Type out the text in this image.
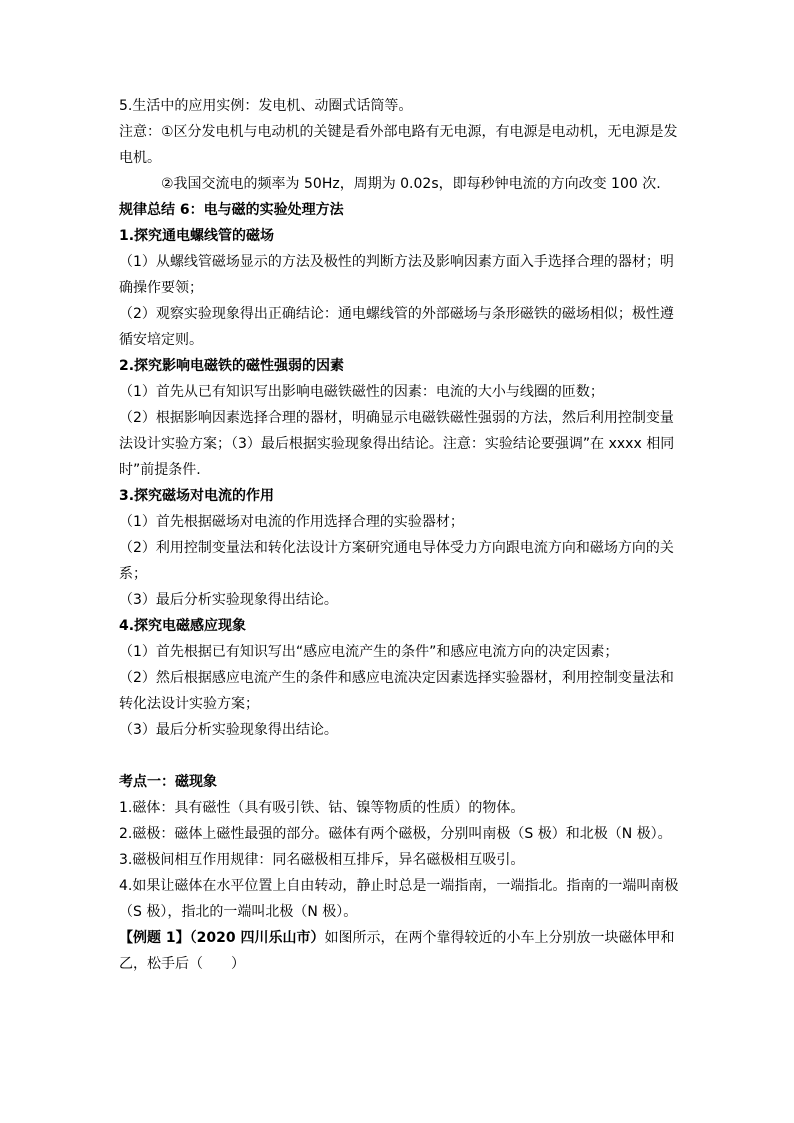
5.生活中的应用实例：发电机、动圈式话筒等。

注意：①区分发电机与电动机的关键是看外部电路有无电源，有电源是电动机，无电源是发电机。

②我国交流电的频率为 50Hz，周期为 0.02s，即每秒钟电流的方向改变 100 次.

规律总结 6：电与磁的实验处理方法

1.探究通电螺线管的磁场

（1）从螺线管磁场显示的方法及极性的判断方法及影响因素方面入手选择合理的器材；明确操作要领；

（2）观察实验现象得出正确结论：通电螺线管的外部磁场与条形磁铁的磁场相似；极性遵循安培定则。

2.探究影响电磁铁的磁性强弱的因素

（1）首先从已有知识写出影响电磁铁磁性的因素：电流的大小与线圈的匝数；

（2）根据影响因素选择合理的器材，明确显示电磁铁磁性强弱的方法，然后利用控制变量法设计实验方案；（3）最后根据实验现象得出结论。注意：实验结论要强调”在 xxxx 相同时”前提条件.

3.探究磁场对电流的作用

（1）首先根据磁场对电流的作用选择合理的实验器材；

（2）利用控制变量法和转化法设计方案研究通电导体受力方向跟电流方向和磁场方向的关系；

（3）最后分析实验现象得出结论。

4.探究电磁感应现象

（1）首先根据已有知识写出“感应电流产生的条件”和感应电流方向的决定因素；

（2）然后根据感应电流产生的条件和感应电流决定因素选择实验器材，利用控制变量法和转化法设计实验方案；

（3）最后分析实验现象得出结论。

考点一：磁现象

1.磁体：具有磁性（具有吸引铁、钴、镍等物质的性质）的物体。

2.磁极：磁体上磁性最强的部分。磁体有两个磁极，分别叫南极（S 极）和北极（N 极）。

3.磁极间相互作用规律：同名磁极相互排斥，异名磁极相互吸引。

4.如果让磁体在水平位置上自由转动，静止时总是一端指南，一端指北。指南的一端叫南极（S 极），指北的一端叫北极（N 极）。

【例题 1】（2020 四川乐山市）如图所示，在两个靠得较近的小车上分别放一块磁体甲和乙，松手后（　　）
